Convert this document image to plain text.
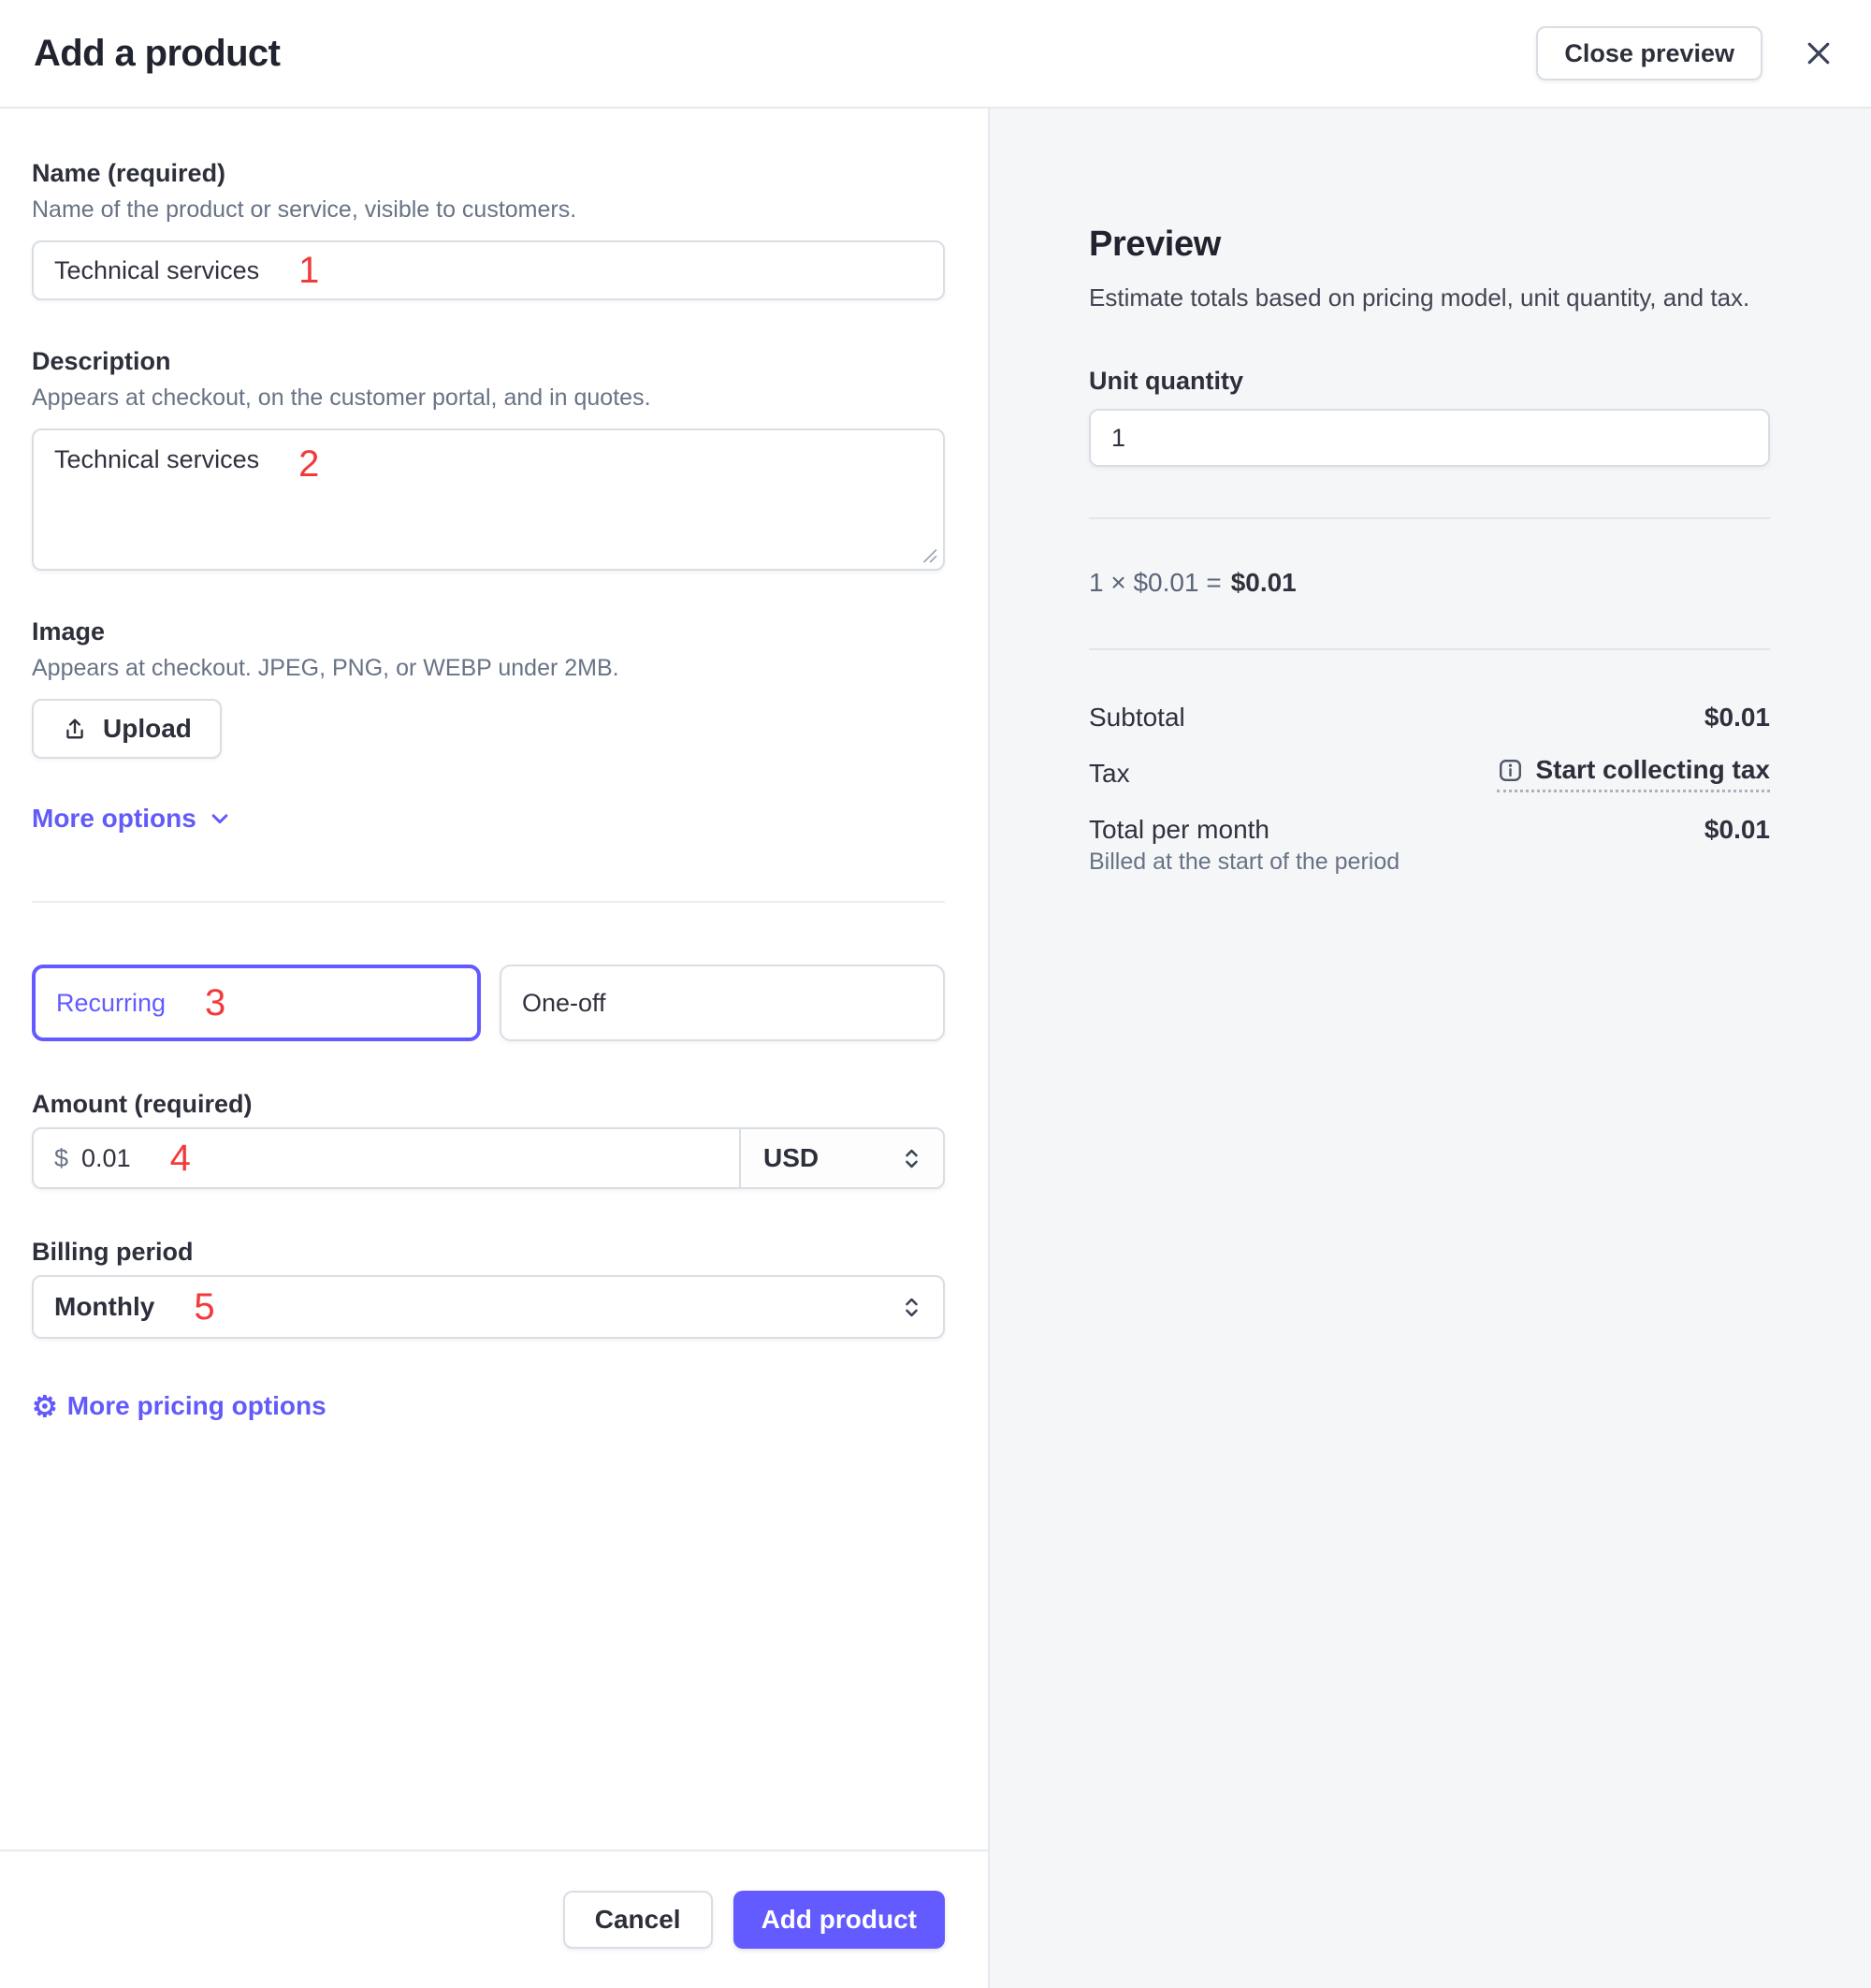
Add a product	Close preview
Name (required)
Name of the product or service, visible to customers.
Technical services 1
Description
Appears at checkout, on the customer portal, and in quotes.
Technical services 2
Image
Appears at checkout. JPEG, PNG, or WEBP under 2MB.
Upload
More options
Recurring 3	One-off
Amount (required)
$ 0.01 4	USD
Billing period
Monthly 5
⚙ More pricing options
Cancel	Add product
Preview
Estimate totals based on pricing model, unit quantity, and tax.
Unit quantity
1
1 × $0.01 = $0.01
Subtotal	$0.01
Tax	Start collecting tax
Total per month	$0.01
Billed at the start of the period
